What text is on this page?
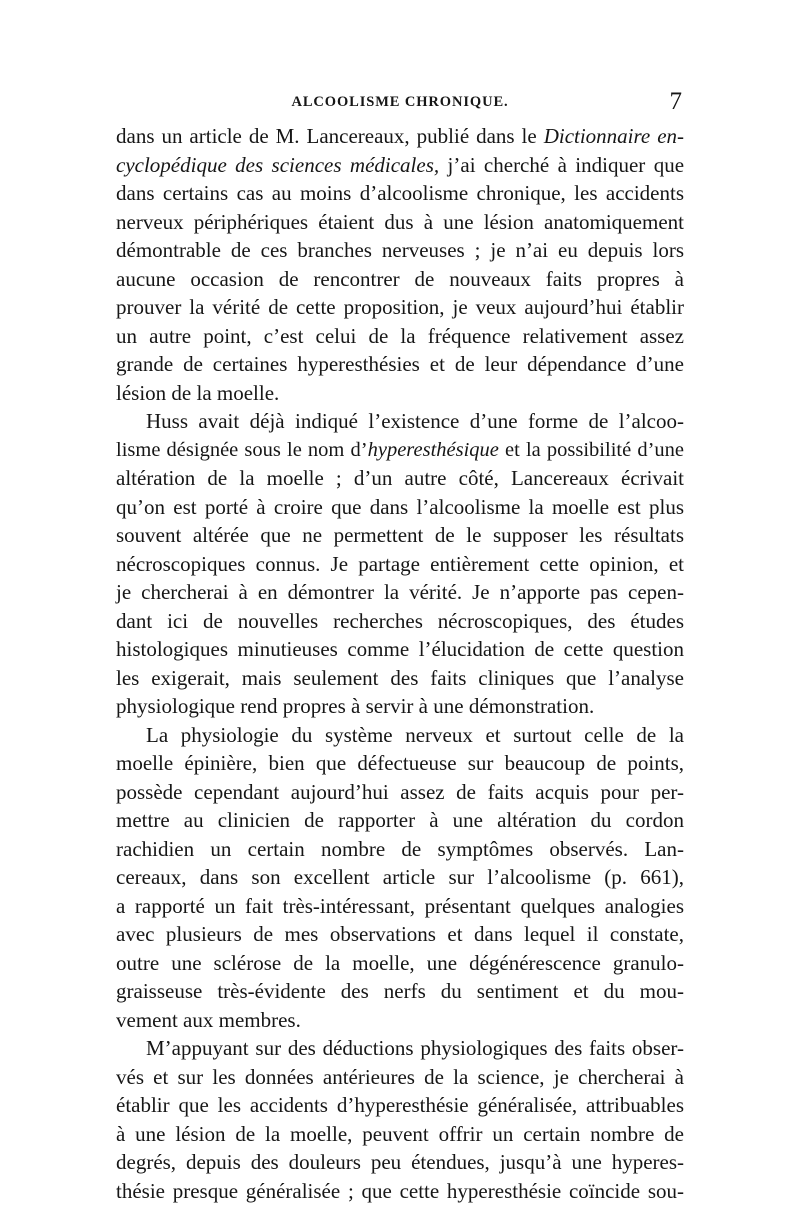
ALCOOLISME CHRONIQUE.	7
dans un article de M. Lancereaux, publié dans le Dictionnaire en-
cyclopédique des sciences médicales, j’ai cherché à indiquer que
dans certains cas au moins d’alcoolisme chronique, les accidents
nerveux périphériques étaient dus à une lésion anatomiquement
démontrable de ces branches nerveuses ; je n’ai eu depuis lors
aucune occasion de rencontrer de nouveaux faits propres à
prouver la vérité de cette proposition, je veux aujourd’hui établir
un autre point, c’est celui de la fréquence relativement assez
grande de certaines hyperesthésies et de leur dépendance d’une
lésion de la moelle.
Huss avait déjà indiqué l’existence d’une forme de l’alcoo-
lisme désignée sous le nom d’hyperesthésique et la possibilité d’une
altération de la moelle ; d’un autre côté, Lancereaux écrivait
qu’on est porté à croire que dans l’alcoolisme la moelle est plus
souvent altérée que ne permettent de le supposer les résultats
nécroscopiques connus. Je partage entièrement cette opinion, et
je chercherai à en démontrer la vérité. Je n’apporte pas cepen-
dant ici de nouvelles recherches nécroscopiques, des études
histologiques minutieuses comme l’élucidation de cette question
les exigerait, mais seulement des faits cliniques que l’analyse
physiologique rend propres à servir à une démonstration.
La physiologie du système nerveux et surtout celle de la
moelle épinière, bien que défectueuse sur beaucoup de points,
possède cependant aujourd’hui assez de faits acquis pour per-
mettre au clinicien de rapporter à une altération du cordon
rachidien un certain nombre de symptômes observés. Lan-
cereaux, dans son excellent article sur l’alcoolisme (p. 661),
a rapporté un fait très-intéressant, présentant quelques analogies
avec plusieurs de mes observations et dans lequel il constate,
outre une sclérose de la moelle, une dégénérescence granulo-
graisseuse très-évidente des nerfs du sentiment et du mou-
vement aux membres.
M’appuyant sur des déductions physiologiques des faits obser-
vés et sur les données antérieures de la science, je chercherai à
établir que les accidents d’hyperesthésie généralisée, attribuables
à une lésion de la moelle, peuvent offrir un certain nombre de
degrés, depuis des douleurs peu étendues, jusqu’à une hyperes-
thésie presque généralisée ; que cette hyperesthésie coïncide sou-
